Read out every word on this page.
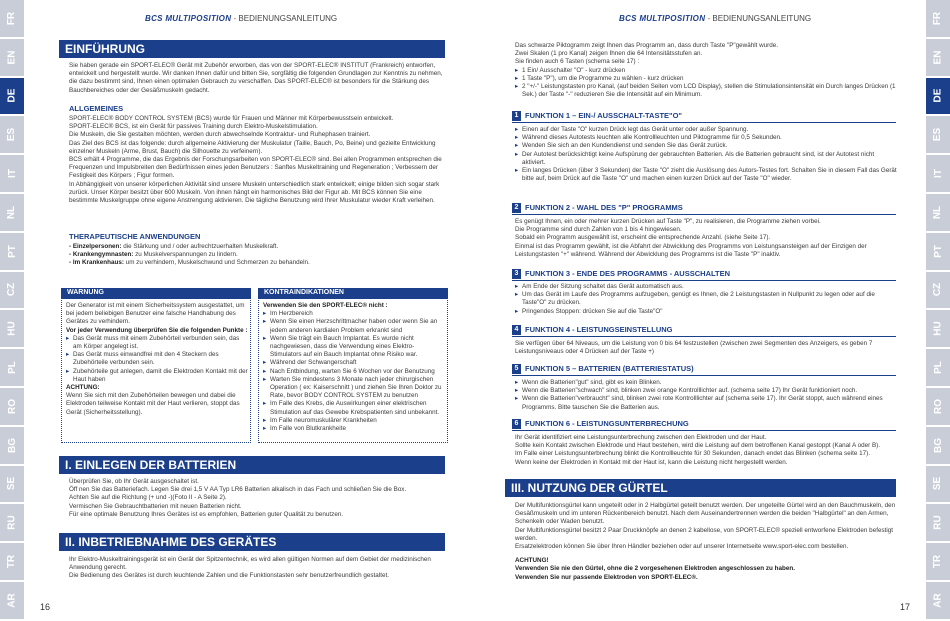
FR
EN
DE
ES
IT
NL
PT
CZ
HU
PL
RO
BG
SE
RU
TR
AR
FR
EN
DE
ES
IT
NL
PT
CZ
HU
PL
RO
BG
SE
RU
TR
AR
BCS MULTIPOSITION - BEDIENUNGSANLEITUNG
EINFÜHRUNG
Sie haben gerade ein SPORT-ELEC® Gerät mit Zubehör erworben, das von der SPORT-ELEC® INSTITUT (Frankreich) entworfen, entwickelt und hergestellt wurde. Wir danken Ihnen dafür und bitten Sie, sorgfältig die folgenden Grundlagen zur Kenntnis zu nehmen, die dazu bestimmt sind, Ihnen einen optimalen Gebrauch zu verschaffen. Das SPORT-ELEC® ist besonders für die Stärkung des Bauchbereiches oder der Gesäßmuskeln gedacht.
ALLGEMEINES

SPORT-ELEC® BODY CONTROL SYSTEM (BCS) wurde für Frauen und Männer mit Körperbewusstsein entwickelt.

SPORT-ELEC® BCS, ist ein Gerät für passives Training durch Elektro-Muskelstimulation.

Die Muskeln, die Sie gestalten möchten, werden durch abwechselnde Kontraktur- und Ruhephasen trainiert.

Das Ziel des BCS ist das folgende: durch allgemeine Aktivierung der Muskulatur (Taille, Bauch, Po, Beine) und gezielte Entwicklung einzelner Muskeln (Arme, Brust, Bauch) die Silhouette zu verfeinern).

BCS erhält 4 Programme, die das Ergebnis der Forschungsarbeiten von SPORT-ELEC® sind. Bei allen Programmen entsprechen die Frequenzen und Impulsbreiten den Bedürfnissen eines jeden Benutzers : Sanftes Muskeltraining und Regeneration ; Verbessern der Festigkeit des Körpers ; Figur formen.

In Abhängigkeit von unserer körperlichen Aktivität sind unsere Muskeln unterschiedlich stark entwickelt; einige bilden sich sogar stark zurück. Unser Körper besitzt über 600 Muskeln. Von ihnen hängt ein harmonisches Bild der Figur ab. Mit BCS können Sie eine bestimmte Muskelgruppe ohne eigene Anstrengung aktivieren. Die tägliche Benutzung wird Ihrer Muskulatur wieder Kraft verleihen.

THERAPEUTISCHE ANWENDUNGEN

- Einzelpersonen: die Stärkung und / oder aufrechtzuerhalten Muskelkraft.

- Krankengymnasten: zu Muskelverspannungen zu lindern.

- Im Krankenhaus: um zu verhindern, Muskelschwund und Schmerzen zu behandeln.

WARNUNG

Der Generator ist mit einem Sicherheitssystem ausgestattet, um bei jedem beliebigen Benutzer eine falsche Handhabung des Gerätes zu verhindern.

Vor jeder Verwendung überprüfen Sie die folgenden Punkte :

▸ Das Gerät muss mit einem Zubehörteil verbunden sein, das am Körper angelegt ist.
▸ Das Gerät muss einwandfrei mit den 4 Steckern des Zubehörteile verbunden sein.
▸ Zubehörteile gut anlegen, damit die Elektroden Kontakt mit der Haut haben

ACHTUNG:

Wenn Sie sich mit den Zubehörteilen bewegen und dabei die Elektroden teilweise Kontakt mit der Haut verlieren, stoppt das Gerät (Sicherheitsstellung).

KONTRAINDIKATIONEN

Verwenden Sie den SPORT-ELEC® nicht :

▸ Im Herzbereich
▸ Wenn Sie einen Herzschrittmacher haben oder wenn Sie an jedem anderen kardialen Problem erkrankt sind
▸ Wenn Sie trägt ein Bauch Implantat. Es wurde nicht nachgewiesen, dass die Verwendung eines Elektro-Stimulators auf ein Bauch Implantat ohne Risiko war.
▸ Während der Schwangerschaft
▸ Nach Entbindung, warten Sie 6 Wochen vor der Benutzung
▸ Warten Sie mindestens 3 Monate nach jeder chirurgischen Operation ( ex: Kaiserschnitt ) und ziehen Sie Ihren Doktor zu Rate, bevor BODY CONTROL SYSTEM zu benutzen
▸ Im Falle des Krebs, die Auswirkungen einer elektrischen Stimulation auf das Gewebe Krebspatienten sind unbekannt.
▸ Im Falle neuromuskulärer Krankheiten
▸ Im Falle von Blutkrankheite
I. EINLEGEN DER BATTERIEN

Überprüfen Sie, ob Ihr Gerät ausgeschaltet ist.

Öff nen Sie das Batteriefach. Legen Sie drei 1,5 V AA Typ LR6 Batterien alkalisch in das Fach und schließen Sie die Box.

Achten Sie auf die Richtung (+ und -)(Foto II - A Seite 2).

Vermischen Sie Gebrauchtbatterien mit neuen Batterien nicht.

Für eine optimale Benutzung Ihres Gerätes ist es empfohlen, Batterien guter Qualität zu benutzen.

II. INBETRIEBNAHME DES GERÄTES

Ihr Elektro-Muskeltrainingsgerät ist ein Gerät der Spitzentechnik, es wird allen gültigen Normen auf dem Gebiet der medizinischen Anwendung gerecht.

Die Bedienung des Gerätes ist durch leuchtende Zahlen und die Funktionstasten sehr benutzerfreundlich gestaltet.

16
BCS MULTIPOSITION - BEDIENUNGSANLEITUNG

Das schwarze Piktogramm zeigt Ihnen das Programm an, dass durch Taste "P"gewählt wurde.

Zwei Skalen (1 pro Kanal) zeigen Ihnen die 64 Intensitätsstufen an.

Sie finden auch 6 Tasten (schema seite 17) :

▸ 1 Ein/ Ausschalter "O" - kurz drücken
▸ 1 Taste "P"), um die Programme zu wählen - kurz drücken
▸ 2 "+/-" Leistungstasten pro Kanal, (auf beiden Seiten vom LCD Display), stellen die Stimulationsintensität ein Durch langes Drücken (1 Sek.) der Taste "-" reduzieren Sie die Intensität auf ein Minimum.
1 FUNKTION 1 – EIN-/ AUSSCHALT-TASTE"O"
▸ Einen auf der Taste "O" kurzen Drück legt das Gerät unter oder außer Spannung.
▸ Während dieses Autotests leuchten alle Kontrollleuchten und Piktogramme für 0,5 Sekunden.
▸ Wenden Sie sich an den Kundendienst und senden Sie das Gerät zurück.
▸ Der Autotest berücksichtigt keine Aufspürung der gebrauchten Batterien. Als die Batterien gebraucht sind, ist der Autotest nicht aktiviert.
▸ Ein langes Drücken (über 3 Sekunden) der Taste "O" zieht die Auslösung des Autors-Testes fort. Schalten Sie in diesem Fall das Gerät bitte auf, beim Drück auf die Taste "O" und machen einen kurzen Drück auf der Taste "O" wieder.
2 FUNKTION 2 - WAHL DES "P" PROGRAMMS

Es genügt Ihnen, ein oder mehrer kurzen Drücken auf Taste "P", zu realisieren, die Programme ziehen vorbei.

Die Programme sind durch Zahlen von 1 bis 4 hingewiesen.

Sobald ein Programm ausgewählt ist, erscheint die entsprechende Anzahl. (siehe Seite 17).

Einmal ist das Programm gewählt, ist die Abfahrt der Abwicklung des Programms von Leistungsansteigen auf der Einzigen der Leistungstasten "+" während. Während der Abwicklung des Programms ist die Taste "P" inaktiv.

3 FUNKTION 3 - ENDE DES PROGRAMMS - AUSSCHALTEN
▸ Am Ende der Sitzung schaltet das Gerät automatisch aus.
▸ Um das Gerät im Laufe des Programms aufzugeben, genügt es Ihnen, die 2 Leistungstasten in Nullpunkt zu legen oder auf die Taste"O" zu drücken.
▸ Pringendes Stoppen: drücken Sie auf die Taste"O"
4 FUNKTION 4 - LEISTUNGSEINSTELLUNG

Sie verfügen über 64 Niveaus, um die Leistung von 0 bis 64 festzustellen (zwischen zwei Segmenten des Anzeigers, es geben 7 Leistungsniveaus oder 4 Drücken auf der Taste +)

5 FUNKTION 5 – BATTERIEN (BATTERIESTATUS)
▸ Wenn die Batterien"gut" sind, gibt es kein Blinken.
▸ Wenn die Batterien"schwach" sind, blinken zwei orange Kontrolllichter auf. (schema seite 17) Ihr Gerät funktioniert noch.
▸ Wenn die Batterien"verbraucht" sind, blinken zwei rote Kontrolllichter auf (schema seite 17). Ihr Gerät stoppt, auch während eines Programms. Bitte tauschen Sie die Batterien aus.
6 FUNKTION 6 - LEISTUNGSUNTERBRECHUNG

Ihr Gerät identifiziert eine Leistungsunterbrechung zwischen den Elektroden und der Haut.

Sollte kein Kontakt zwischen Elektrode und Haut bestehen, wird die Leistung auf dem betroffenen Kanal gestoppt (Kanal A oder B).

Im Falle einer Leistungsunterbrechung blinkt die Kontrollleuchte für 30 Sekunden, danach endet das Blinken (schema seite 17).

Wenn keine der Elektroden in Kontakt mit der Haut ist, kann die Leistung nicht hergestellt werden.

III. NUTZUNG DER GÜRTEL

Der Multifunktionsgürtel kann ungeteilt oder in 2 Halbgürtel geteilt benutzt werden. Der ungeteilte Gürtel wird an den Bauchmuskeln, den Gesäßmuskeln und im unteren Rückenbereich benutzt. Nach dem Auseinandertrennen werden die beiden "Halbgürtel" an den Armen, Schenkeln oder Waden benutzt.

Der Multifunktionsgürtel besitzt 2 Paar Druckknöpfe an denen 2 kabellose, von SPORT-ELEC® speziell entworfene Elektroden befestigt werden.

Ersatzelektroden können Sie über Ihren Händler beziehen oder auf unserer Internetseite www.sport-elec.com bestellen.

ACHTUNG!

Verwenden Sie nie den Gürtel, ohne die 2 vorgesehenen Elektroden angeschlossen zu haben.

Verwenden Sie nur passende Elektroden von SPORT-ELEC®.

17
